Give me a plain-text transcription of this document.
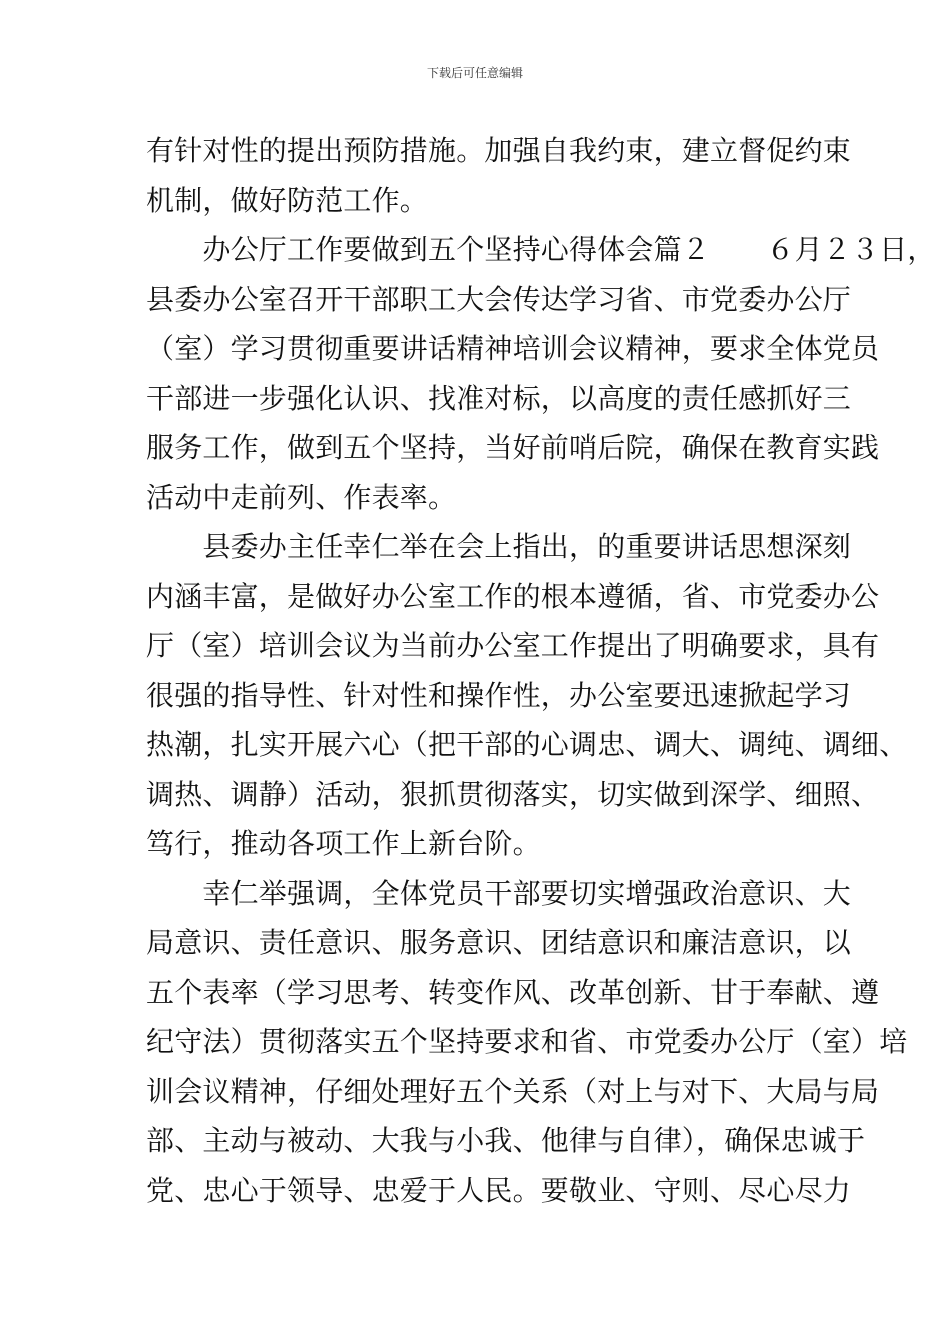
下载后可任意编辑
有针对性的提出预防措施。加强自我约束，建立督促约束
机制，做好防范工作。
　　办公厅工作要做到五个坚持心得体会篇２　　６月２３日，
县委办公室召开干部职工大会传达学习省、市党委办公厅
（室）学习贯彻重要讲话精神培训会议精神，要求全体党员
干部进一步强化认识、找准对标，以高度的责任感抓好三
服务工作，做到五个坚持，当好前哨后院，确保在教育实践
活动中走前列、作表率。
　　县委办主任幸仁举在会上指出，的重要讲话思想深刻
内涵丰富，是做好办公室工作的根本遵循，省、市党委办公
厅（室）培训会议为当前办公室工作提出了明确要求，具有
很强的指导性、针对性和操作性，办公室要迅速掀起学习
热潮，扎实开展六心（把干部的心调忠、调大、调纯、调细、
调热、调静）活动，狠抓贯彻落实，切实做到深学、细照、
笃行，推动各项工作上新台阶。
　　幸仁举强调，全体党员干部要切实增强政治意识、大
局意识、责任意识、服务意识、团结意识和廉洁意识，以
五个表率（学习思考、转变作风、改革创新、甘于奉献、遵
纪守法）贯彻落实五个坚持要求和省、市党委办公厅（室）培
训会议精神，仔细处理好五个关系（对上与对下、大局与局
部、主动与被动、大我与小我、他律与自律），确保忠诚于
党、忠心于领导、忠爱于人民。要敬业、守则、尽心尽力
